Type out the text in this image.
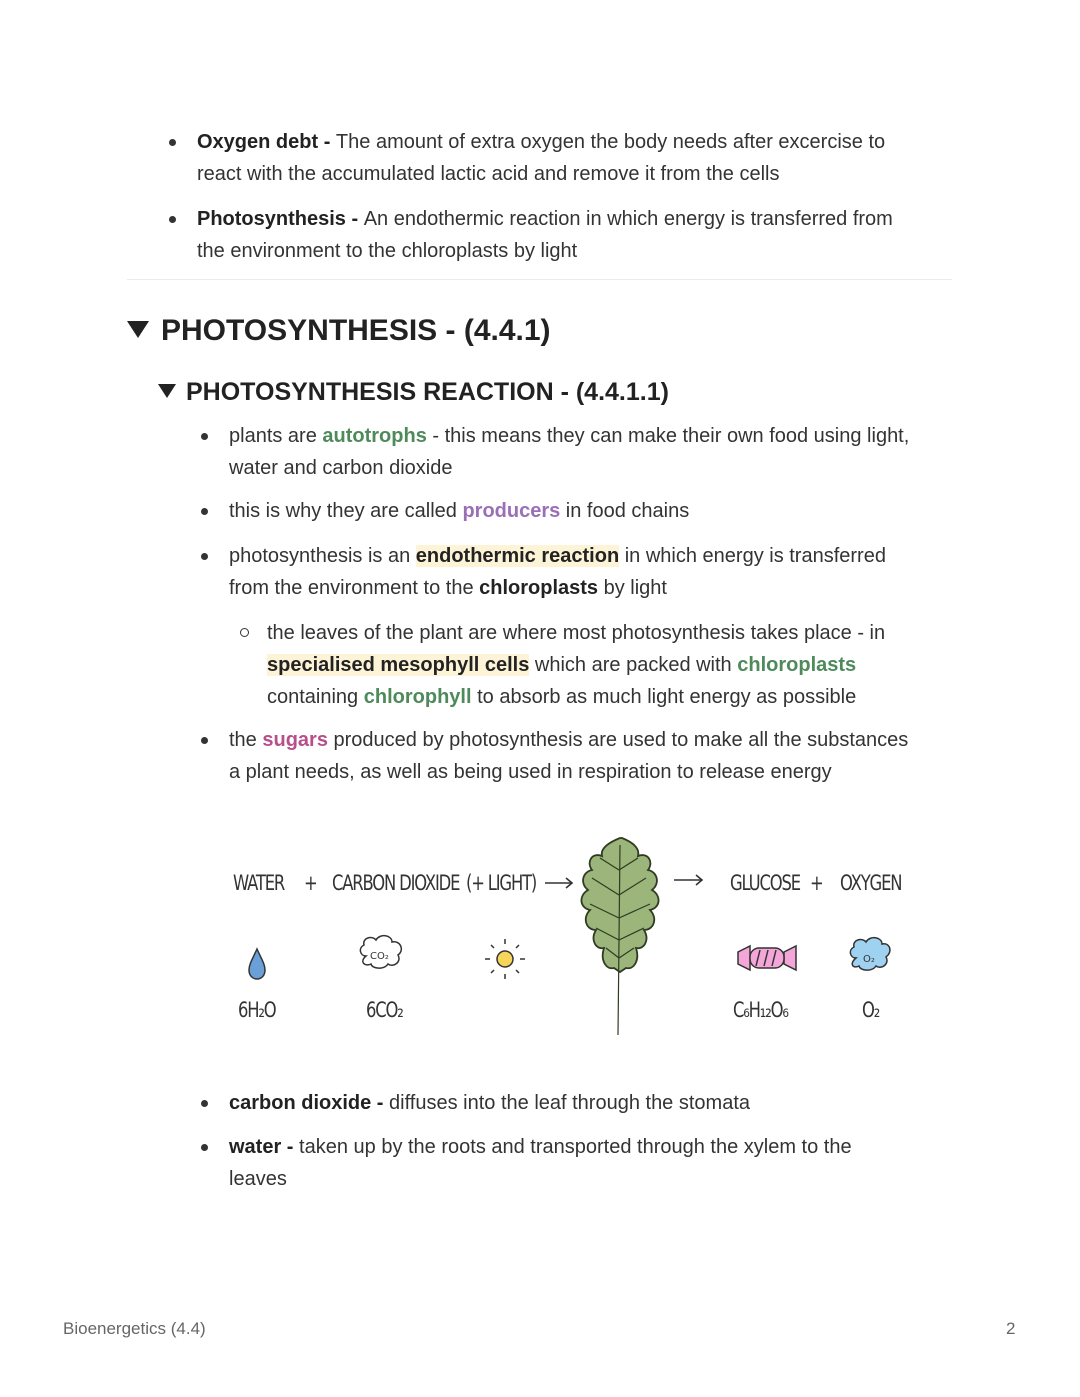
Oxygen debt - The amount of extra oxygen the body needs after excercise to
react with the accumulated lactic acid and remove it from the cells
Photosynthesis - An endothermic reaction in which energy is transferred from
the environment to the chloroplasts by light
PHOTOSYNTHESIS - (4.4.1)
PHOTOSYNTHESIS REACTION - (4.4.1.1)
plants are autotrophs - this means they can make their own food using light,
water and carbon dioxide
this is why they are called producers in food chains
photosynthesis is an endothermic reaction in which energy is transferred
from the environment to the chloroplasts by light
the leaves of the plant are where most photosynthesis takes place - in
specialised mesophyll cells which are packed with chloroplasts
containing chlorophyll to absorb as much light energy as possible
the sugars produced by photosynthesis are used to make all the substances
a plant needs, as well as being used in respiration to release energy
WATER + CARBON DIOXIDE (+ LIGHT)	GLUCOSE + OXYGEN
6H₂O	6CO₂	C₆H₁₂O₆	O₂
CO₂	O₂
carbon dioxide - diffuses into the leaf through the stomata
water - taken up by the roots and transported through the xylem to the
leaves
Bioenergetics (4.4)	2
